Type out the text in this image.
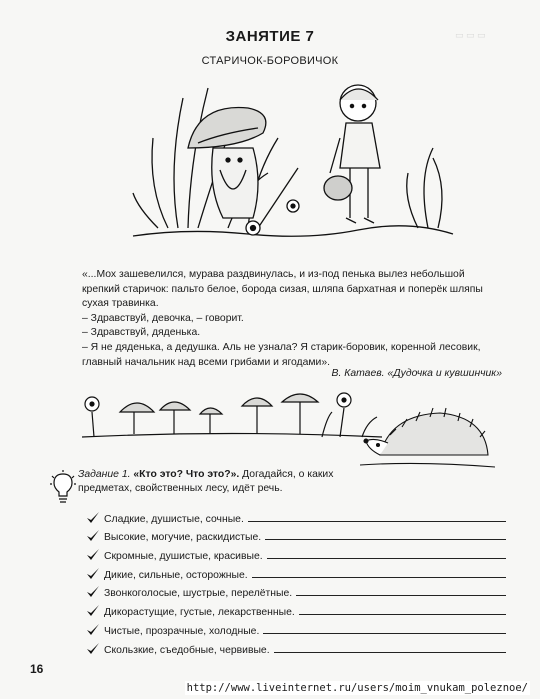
▭ ▭ ▭
ЗАНЯТИЕ 7
СТАРИЧОК-БОРОВИЧОК

«...Мох зашевелился, мурава раздвинулась, и из-под пенька вылез небольшой крепкий старичок: пальто белое, борода сизая, шляпа бархатная и поперёк шляпы сухая травинка.

– Здравствуй, девочка, – говорит.

– Здравствуй, дяденька.

– Я не дяденька, а дедушка. Аль не узнала? Я старик-боровик, коренной лесовик, главный начальник над всеми грибами и ягодами».

В. Катаев. «Дудочка и кувшинчик»
Задание 1. «Кто это? Что это?». Догадайся, о каких предметах, свойственных лесу, идёт речь.
Сладкие, душистые, сочные.
Высокие, могучие, раскидистые.
Скромные, душистые, красивые.
Дикие, сильные, осторожные.
Звонкоголосые, шустрые, перелётные.
Дикорастущие, густые, лекарственные.
Чистые, прозрачные, холодные.
Скользкие, съедобные, червивые.
16
http://www.liveinternet.ru/users/moim_vnukam_poleznoe/
